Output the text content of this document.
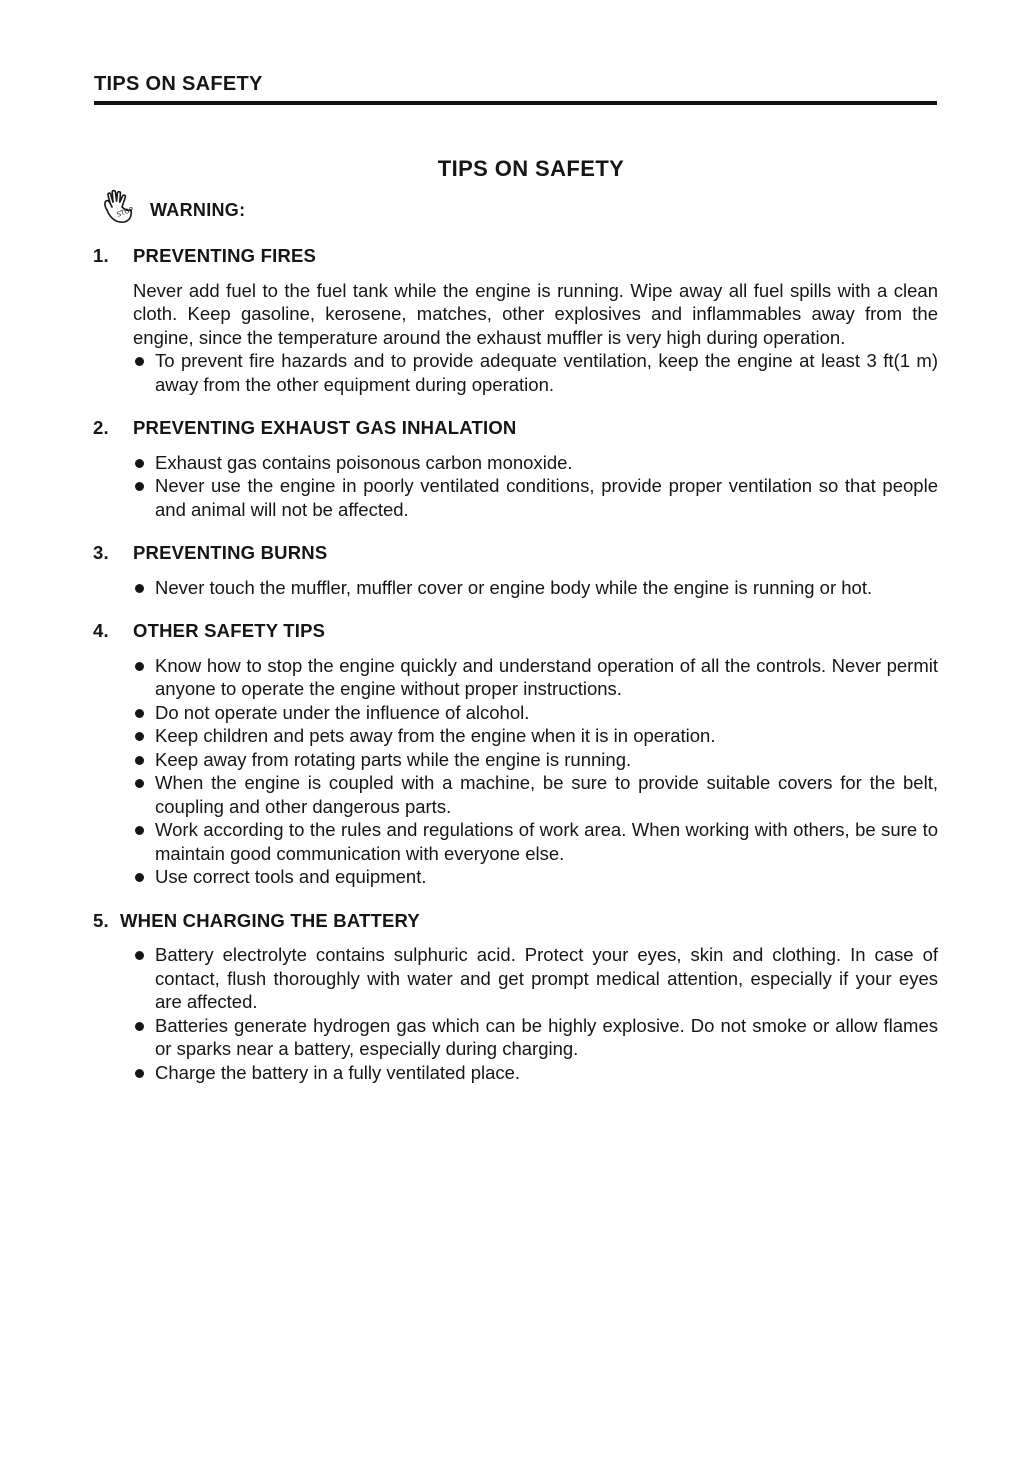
TIPS ON SAFETY
TIPS ON SAFETY
STOP WARNING:
1.	PREVENTING FIRES
Never add fuel to the fuel tank while the engine is running. Wipe away all fuel spills with a clean cloth. Keep gasoline, kerosene, matches, other explosives and inflammables away from the engine, since the temperature around the exhaust muffler is very high during operation.
To prevent fire hazards and to provide adequate ventilation, keep the engine at least 3 ft(1 m) away from the other equipment during operation.
2.	PREVENTING EXHAUST GAS INHALATION
Exhaust gas contains poisonous carbon monoxide.
Never use the engine in poorly ventilated conditions, provide proper ventilation so that people and animal will not be affected.
3.	PREVENTING BURNS
Never touch the muffler, muffler cover or engine body while the engine is running or hot.
4.	OTHER SAFETY TIPS
Know how to stop the engine quickly and understand operation of all the controls. Never permit anyone to operate the engine without proper instructions.
Do not operate under the influence of alcohol.
Keep children and pets away from the engine when it is in operation.
Keep away from rotating parts while the engine is running.
When the engine is coupled with a machine, be sure to provide suitable covers for the belt, coupling and other dangerous parts.
Work according to the rules and regulations of work area. When working with others, be sure to maintain good communication with everyone else.
Use correct tools and equipment.
5. WHEN CHARGING THE BATTERY
Battery electrolyte contains sulphuric acid. Protect your eyes, skin and clothing. In case of contact, flush thoroughly with water and get prompt medical attention, especially if your eyes are affected.
Batteries generate hydrogen gas which can be highly explosive. Do not smoke or allow flames or sparks near a battery, especially during charging.
Charge the battery in a fully ventilated place.
